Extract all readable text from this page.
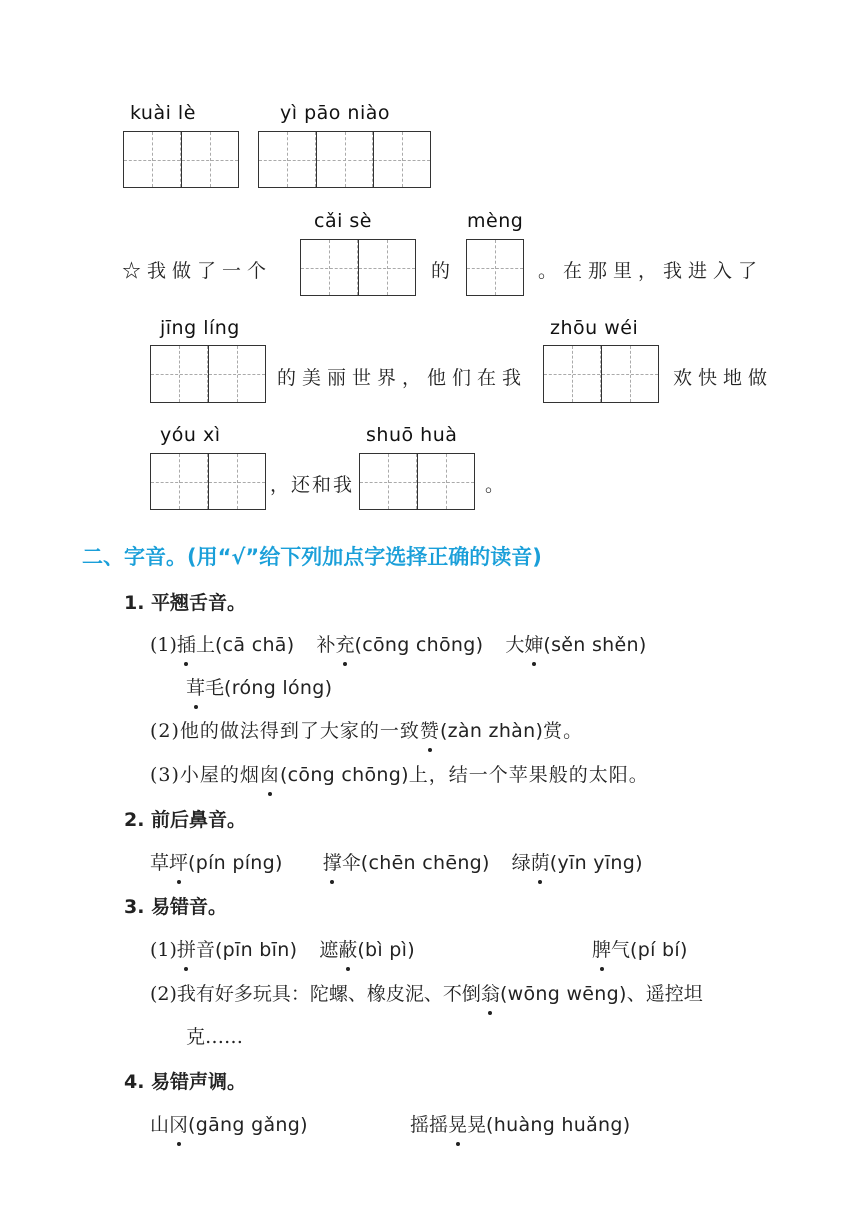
kuài lè	yì pāo niào
☆我做了一个
cǎi sè
的
mèng
。在那里，我进入了
jīng líng
的美丽世界，他们在我
zhōu wéi
欢快地做
yóu xì
，还和我
shuō huà
。
二、字音。(用“√”给下列加点字选择正确的读音)
1. 平翘舌音。
(1)插上(cā chā) 补充(cōng chōng) 大婶(sěn shěn)
茸毛(róng lóng)
(2)他的做法得到了大家的一致赞(zàn zhàn)赏。
(3)小屋的烟囱(cōng chōng)上，结一个苹果般的太阳。
2. 前后鼻音。
草坪(pín píng) 撑伞(chēn chēng) 绿荫(yīn yīng)
3. 易错音。
(1)拼音(pīn bīn) 遮蔽(bì pì)	脾气(pí bí)
(2)我有好多玩具：陀螺、橡皮泥、不倒翁(wōng wēng)、遥控坦
克……
4. 易错声调。
山冈(gāng gǎng)	摇摇晃晃(huàng huǎng)
